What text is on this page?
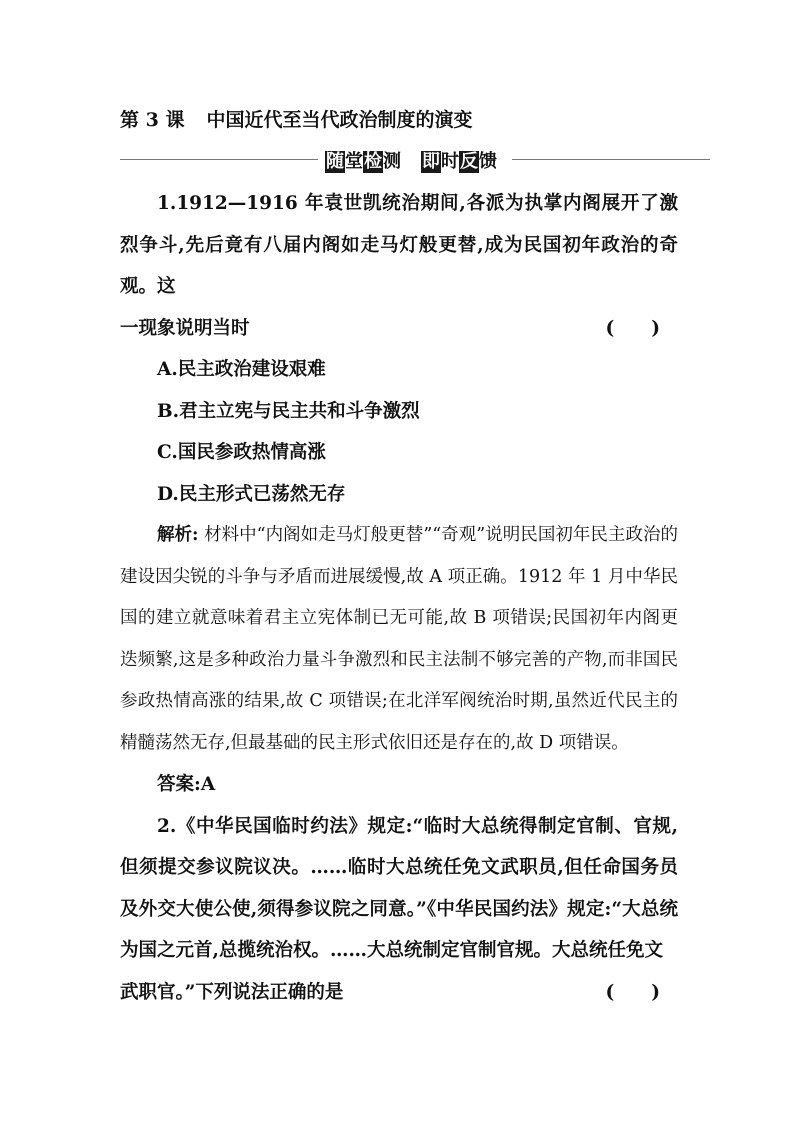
第 3 课 中国近代至当代政治制度的演变
随堂检测 即时反馈

1.1912—1916 年袁世凯统治期间,各派为执掌内阁展开了激烈争斗,先后竟有八届内阁如走马灯般更替,成为民国初年政治的奇观。这

一现象说明当时	(　　)

A.民主政治建设艰难

B.君主立宪与民主共和斗争激烈

C.国民参政热情高涨

D.民主形式已荡然无存

解析: 材料中“内阁如走马灯般更替”“奇观”说明民国初年民主政治的建设因尖锐的斗争与矛盾而进展缓慢,故 A 项正确。1912 年 1 月中华民国的建立就意味着君主立宪体制已无可能,故 B 项错误;民国初年内阁更迭频繁,这是多种政治力量斗争激烈和民主法制不够完善的产物,而非国民参政热情高涨的结果,故 C 项错误;在北洋军阀统治时期,虽然近代民主的精髓荡然无存,但最基础的民主形式依旧还是存在的,故 D 项错误。

答案:A

2.《中华民国临时约法》规定:“临时大总统得制定官制、官规,但须提交参议院议决。……临时大总统任免文武职员,但任命国务员及外交大使公使,须得参议院之同意。”《中华民国约法》规定:“大总统为国之元首,总揽统治权。……大总统制定官制官规。大总统任免文

武职官。”下列说法正确的是	(　　)
